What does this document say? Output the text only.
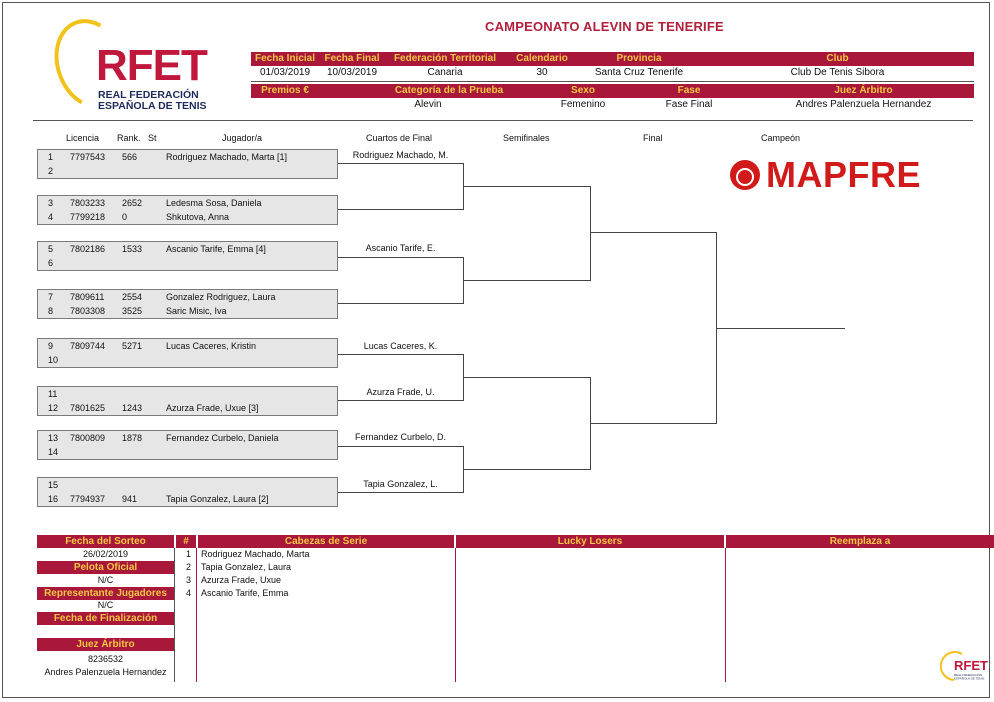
CAMPEONATO ALEVIN DE TENERIFE
RFET
REAL FEDERACIÓN
ESPAÑOLA DE TENIS
Fecha Inicial Fecha Final	Federación Territorial	Calendario	Provincia	Club
01/03/2019	10/03/2019	Canaria	30	Santa Cruz Tenerife	Club De Tenis Sibora
Premios €	Categoría de la Prueba	Sexo	Fase	Juez Árbitro
Alevin	Femenino	Fase Final	Andres Palenzuela Hernandez
Licencia Rank. St	Jugador/a	Cuartos de Final	Semifinales	Final	Campeón
1 7797543 566	Rodriguez Machado, Marta [1]
2
3 7803233 2652	Ledesma Sosa, Daniela
4 7799218 0	Shkutova, Anna
5 7802186 1533	Ascanio Tarife, Emma [4]
6
7 7809611 2554	Gonzalez Rodriguez, Laura
8 7803308 3525	Saric Misic, Iva
9 7809744 5271	Lucas Caceres, Kristin
10
11
12 7801625 1243	Azurza Frade, Uxue [3]
13 7800809 1878	Fernandez Curbelo, Daniela
14
15
16 7794937 941	Tapia Gonzalez, Laura [2]
Rodriguez Machado, M.
Ascanio Tarife, E.
Lucas Caceres, K.
Azurza Frade, U.
Fernandez Curbelo, D.
Tapia Gonzalez, L.
MAPFRE
Fecha del Sorteo
26/02/2019
Pelota Oficial
N/C
Representante Jugadores
N/C
Fecha de Finalización
Juez Árbitro
8236532
Andres Palenzuela Hernandez
#	Cabezas de Serie	Lucky Losers	Reemplaza a
1 Rodriguez Machado, Marta
2 Tapia Gonzalez, Laura
3 Azurza Frade, Uxue
4 Ascanio Tarife, Emma
RFET
REAL FEDERACIÓN
ESPAÑOLA DE TENIS
